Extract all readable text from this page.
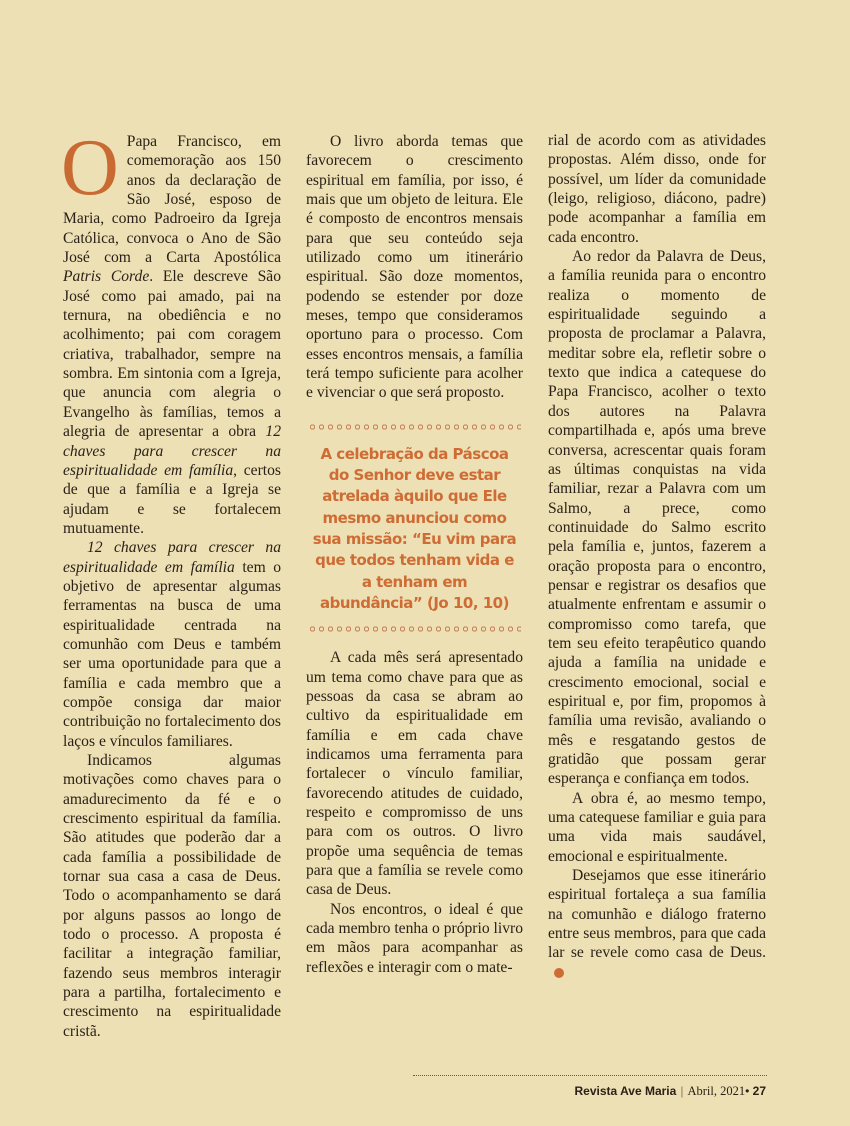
O Papa Francisco, em comemoração aos 150 anos da declaração de São José, esposo de Maria, como Padroeiro da Igreja Católica, convoca o Ano de São José com a Carta Apostólica Patris Corde. Ele descreve São José como pai amado, pai na ternura, na obediência e no acolhimento; pai com coragem criativa, trabalhador, sempre na sombra. Em sintonia com a Igreja, que anuncia com alegria o Evangelho às famílias, temos a alegria de apresentar a obra 12 chaves para crescer na espiritualidade em família, certos de que a família e a Igreja se ajudam e se fortalecem mutuamente.

12 chaves para crescer na espiritualidade em família tem o objetivo de apresentar algumas ferramentas na busca de uma espiritualidade centrada na comunhão com Deus e também ser uma oportunidade para que a família e cada membro que a compõe consiga dar maior contribuição no fortalecimento dos laços e vínculos familiares.

Indicamos algumas motivações como chaves para o amadurecimento da fé e o crescimento espiritual da família. São atitudes que poderão dar a cada família a possibilidade de tornar sua casa a casa de Deus. Todo o acompanhamento se dará por alguns passos ao longo de todo o processo. A proposta é facilitar a integração familiar, fazendo seus membros interagir para a partilha, fortalecimento e crescimento na espiritualidade cristã.

O livro aborda temas que favorecem o crescimento espiritual em família, por isso, é mais que um objeto de leitura. Ele é composto de encontros mensais para que seu conteúdo seja utilizado como um itinerário espiritual. São doze momentos, podendo se estender por doze meses, tempo que consideramos oportuno para o processo. Com esses encontros mensais, a família terá tempo suficiente para acolher e vivenciar o que será proposto.

A celebração da Páscoa do Senhor deve estar atrelada àquilo que Ele mesmo anunciou como sua missão: “Eu vim para que todos tenham vida e a tenham em abundância” (Jo 10, 10)

A cada mês será apresentado um tema como chave para que as pessoas da casa se abram ao cultivo da espiritualidade em família e em cada chave indicamos uma ferramenta para fortalecer o vínculo familiar, favorecendo atitudes de cuidado, respeito e compromisso de uns para com os outros. O livro propõe uma sequência de temas para que a família se revele como casa de Deus.

Nos encontros, o ideal é que cada membro tenha o próprio livro em mãos para acompanhar as reflexões e interagir com o mate-

rial de acordo com as atividades propostas. Além disso, onde for possível, um líder da comunidade (leigo, religioso, diácono, padre) pode acompanhar a família em cada encontro.

Ao redor da Palavra de Deus, a família reunida para o encontro realiza o momento de espiritualidade seguindo a proposta de proclamar a Palavra, meditar sobre ela, refletir sobre o texto que indica a catequese do Papa Francisco, acolher o texto dos autores na Palavra compartilhada e, após uma breve conversa, acrescentar quais foram as últimas conquistas na vida familiar, rezar a Palavra com um Salmo, a prece, como continuidade do Salmo escrito pela família e, juntos, fazerem a oração proposta para o encontro, pensar e registrar os desafios que atualmente enfrentam e assumir o compromisso como tarefa, que tem seu efeito terapêutico quando ajuda a família na unidade e crescimento emocional, social e espiritual e, por fim, propomos à família uma revisão, avaliando o mês e resgatando gestos de gratidão que possam gerar esperança e confiança em todos.

A obra é, ao mesmo tempo, uma catequese familiar e guia para uma vida mais saudável, emocional e espiritualmente.

Desejamos que esse itinerário espiritual fortaleça a sua família na comunhão e diálogo fraterno entre seus membros, para que cada lar se revele como casa de Deus.

Revista Ave Maria | Abril, 2021• 27
